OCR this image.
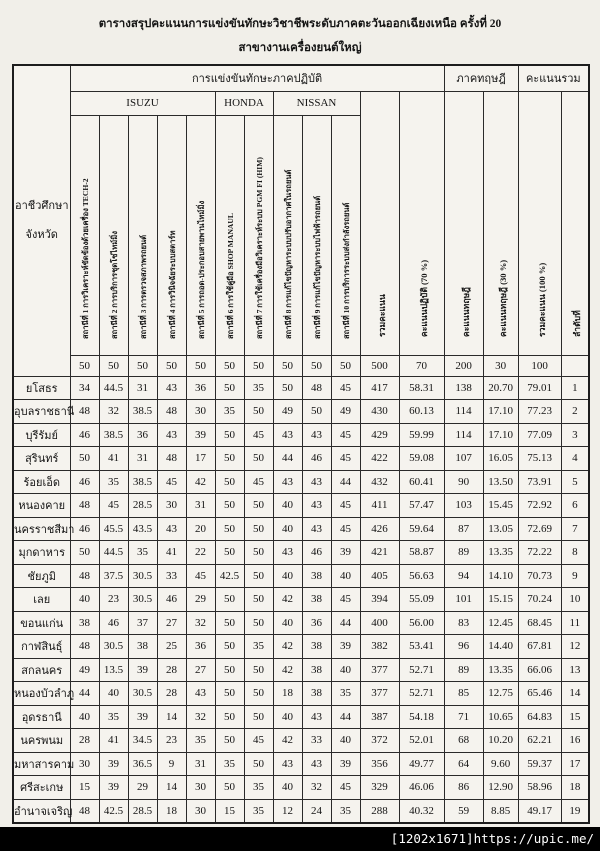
ตารางสรุปคะแนนการแข่งขันทักษะวิชาชีพระดับภาคตะวันออกเฉียงเหนือ ครั้งที่ 20
สาขางานเครื่องยนต์ใหญ่
อาชีวศึกษา
จังหวัด	การแข่งขันทักษะภาคปฏิบัติ												ภาคทฤษฎี		คะแนนรวม	
	ISUZU					HONDA		NISSAN			รวมคะแนน	คะแนนปฏิบัติ (70 %)	คะแนนทฤษฎี	คะแนนทฤษฎี (30 %)	รวมคะแนน (100 %)	ลำดับที่

	สถานีที่ 1 การวิเคราะห์ขัดข้องด้วยเครื่อง TECH-2	สถานีที่ 2 การบริการชุดโซ่ไทม์มิ่ง	สถานีที่ 3 การตรวจสภาพรถยนต์	สถานีที่ 4 การวินิจฉัยระบบสตาร์ท	สถานีที่ 5 การถอด-ประกอบสายพานไทม์มิ่ง	สถานีที่ 6 การใช้คู่มือ SHOP MANAUL	สถานีที่ 7 การใช้เครื่องมือวิเคราะห์ระบบ PGM FI (HIM)	สถานีที่ 8 การแก้ไขปัญหาระบบปรับอากาศในรถยนต์	สถานีที่ 9 การแก้ไขปัญหาระบบไฟฟ้ารถยนต์	สถานีที่ 10 การบริการระบบส่งกำลังรถยนต์						

	50	50	50	50	50	50	50	50	50	50	500	70	200	30	100	
ยโสธร	34	44.5	31	43	36	50	35	50	48	45	417	58.31	138	20.70	79.01	1
อุบลราชธานี	48	32	38.5	48	30	35	50	49	50	49	430	60.13	114	17.10	77.23	2
บุรีรัมย์	46	38.5	36	43	39	50	45	43	43	45	429	59.99	114	17.10	77.09	3
สุรินทร์	50	41	31	48	17	50	50	44	46	45	422	59.08	107	16.05	75.13	4
ร้อยเอ็ด	46	35	38.5	45	42	50	45	43	43	44	432	60.41	90	13.50	73.91	5
หนองคาย	48	45	28.5	30	31	50	50	40	43	45	411	57.47	103	15.45	72.92	6
นครราชสีมา	46	45.5	43.5	43	20	50	50	40	43	45	426	59.64	87	13.05	72.69	7
มุกดาหาร	50	44.5	35	41	22	50	50	43	46	39	421	58.87	89	13.35	72.22	8
ชัยภูมิ	48	37.5	30.5	33	45	42.5	50	40	38	40	405	56.63	94	14.10	70.73	9
เลย	40	23	30.5	46	29	50	50	42	38	45	394	55.09	101	15.15	70.24	10
ขอนแก่น	38	46	37	27	32	50	50	40	36	44	400	56.00	83	12.45	68.45	11
กาฬสินธุ์	48	30.5	38	25	36	50	35	42	38	39	382	53.41	96	14.40	67.81	12
สกลนคร	49	13.5	39	28	27	50	50	42	38	40	377	52.71	89	13.35	66.06	13
หนองบัวลำภู	44	40	30.5	28	43	50	50	18	38	35	377	52.71	85	12.75	65.46	14
อุดรธานี	40	35	39	14	32	50	50	40	43	44	387	54.18	71	10.65	64.83	15
นครพนม	28	41	34.5	23	35	50	45	42	33	40	372	52.01	68	10.20	62.21	16
มหาสารคาม	30	39	36.5	9	31	35	50	43	43	39	356	49.77	64	9.60	59.37	17
ศรีสะเกษ	15	39	29	14	30	50	35	40	32	45	329	46.06	86	12.90	58.96	18
อำนาจเจริญ	48	42.5	28.5	18	30	15	35	12	24	35	288	40.32	59	8.85	49.17	19
[1202x1671]https://upic.me/
